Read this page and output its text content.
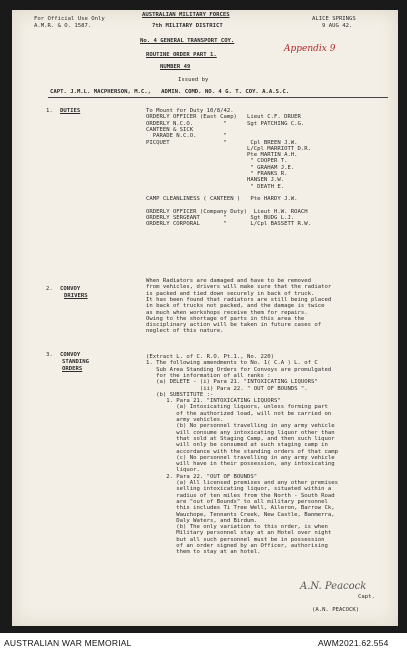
For Official Use Only
A.M.R. & O. 1587.
AUSTRALIAN MILITARY FORCES
7th MILITARY DISTRICT
ALICE SPRINGS
9 AUG 42.
No. 4 GENERAL TRANSPORT COY.
ROUTINE ORDER PART 1.
Appendix 9
NUMBER 49
Issued by
CAPT. J.M.L. MACPHERSON, M.C.,   ADMIN. COMD. NO. 4 G. T. COY. A.A.S.C.
1. DUTIES	To Mount for Duty 10/8/42.
ORDERLY OFFICER (East Camp)   Lieut C.F. DRUER
ORDERLY N.C.O.         "      Sgt PATCHING C.G.
CANTEEN & SICK
PARADE N.C.O.        "
PICQUET                "       Cpl BREEN J.W.
L/Cpl MARRIOTT D.R.
Pte MARTIN A.H.
" COOPER T.
" GRAHAM J.E.
" FRANKS R.
HANSEN J.W.
" DEATH E.
CAMP CLEANLINESS ( CANTEEN )   Pte HARDY J.W.
ORDERLY OFFICER (Company Duty)  Lieut H.W. ROACH
ORDERLY SERGEANT       "       Sgt BUDG L.J.
ORDERLY CORPORAL       "       L/Cpl BASSETT R.W.
2. CONVOY
DRIVERS
When Radiators are damaged and have to be removed
from vehicles, drivers will make sure that the radiator
is packed and tied down securely in back of truck.
It has been found that radiators are still being placed
in back of trucks not packed, and the damage is twice
as much when workshops receive them for repairs.
Owing to the shortage of parts in this area the
disciplinary action will be taken in future cases of
neglect of this nature.
3. CONVOY
STANDING
ORDERS
(Extract L. of C. R.O. Pt.1., No. 220)
1. The following amendments to No. 1( C.A ) L. of C
Sub Area Standing Orders for Convoys are promulgated
for the information of all ranks :
(a) DELETE - (i) Para 21. "INTOXICATING LIQUORS"
(ii) Para 22. " OUT OF BOUNDS ".
(b) SUBSTITUTE :-
1. Para 21. "INTOXICATING LIQUORS"
(a) Intoxicating liquors, unless forming part
of the authorized load, will not be carried on
army vehicles.
(b) No personnel travelling in any army vehicle
will consume any intoxicating liquor other than
that sold at Staging Camp, and then such liquor
will only be consumed at such staging camp in
accordance with the standing orders of that camp
(c) No personnel travelling in any army vehicle
will have in their possession, any intoxicating
liquor.
2. Para 22. "OUT OF BOUNDS"
(a) All licensed premises and any other premises
selling intoxicating liquor, situated within a
radius of ten miles from the North - South Road
are "out of Bounds" to all military personnel
this includes Ti Tree Well, Aileron, Barrow Ck,
Wauchope, Tennants Creek, New Castle, Banmerra,
Daly Waters, and Birdum.
(b) The only variation to this order, is when
Military personnel stay at an Hotel over night
but all such personnel must be in possession
of an order signed by an Officer, authorising
them to stay at an hotel.
A.N. Peacock
Capt.
(A.N. PEACOCK)
AUSTRALIAN WAR MEMORIAL	AWM2021.62.554
